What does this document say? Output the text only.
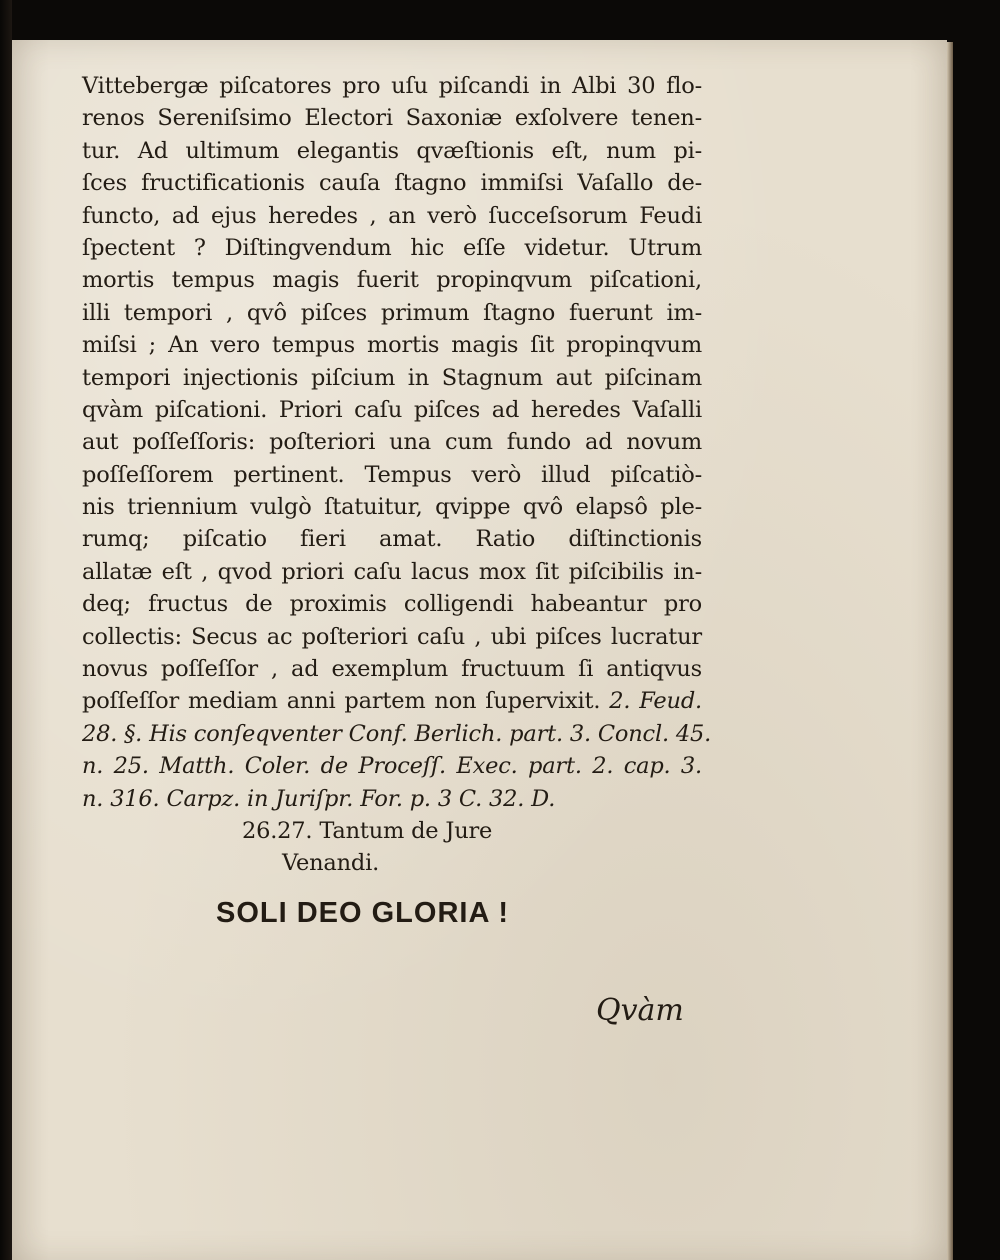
Vittebergæ piſcatores pro uſu piſcandi in Albi 30 flo-
renos Sereniſsimo Electori Saxoniæ exſolvere tenen-
tur. Ad ultimum elegantis qvæſtionis eſt, num pi-
ſces fructificationis cauſa ſtagno immiſsi Vaſallo de-
functo, ad ejus heredes , an verò ſucceſsorum Feudi
ſpectent ? Diſtingvendum hic eſſe videtur. Utrum
mortis tempus magis fuerit propinqvum piſcationi,
illi tempori , qvô piſces primum ſtagno fuerunt im-
miſsi ; An vero tempus mortis magis ſit propinqvum
tempori injectionis piſcium in Stagnum aut piſcinam
qvàm piſcationi. Priori caſu piſces ad heredes Vaſalli
aut poſſeſſoris: poſteriori una cum fundo ad novum
poſſeſſorem pertinent. Tempus verò illud piſcatiò-
nis triennium vulgò ſtatuitur, qvippe qvô elapsô ple-
rumq; piſcatio fieri amat. Ratio diſtinctionis
allatæ eſt , qvod priori caſu lacus mox ſit piſcibilis in-
deq; fructus de proximis colligendi habeantur pro
collectis: Secus ac poſteriori caſu , ubi piſces lucratur
novus poſſeſſor , ad exemplum fructuum ſi antiqvus
poſſeſſor mediam anni partem non ſupervixit. 2. Feud.
28. §. His conſeqventer Conf. Berlich. part. 3. Concl. 45.
n. 25. Matth. Coler. de Proceſſ. Exec. part. 2. cap. 3.
n. 316. Carpz. in Juriſpr. For. p. 3 C. 32. D.
26.27. Tantum de Jure
Venandi.
SOLI DEO GLORIA !
Qvàm
